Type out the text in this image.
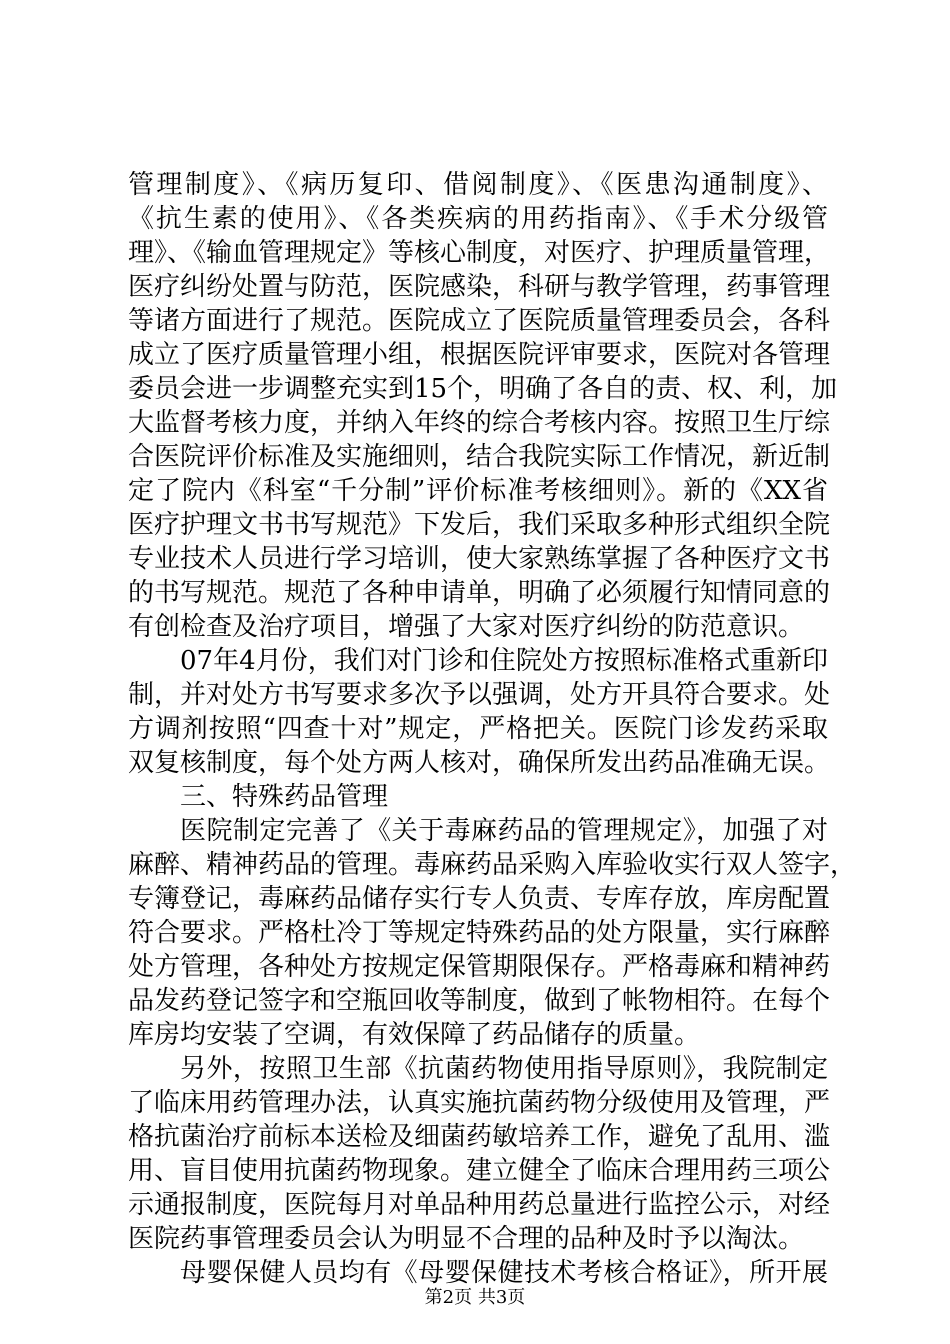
管理制度》、《病历复印、借阅制度》、《医患沟通制度》、
《抗生素的使用》、《各类疾病的用药指南》、《手术分级管
理》、《输血管理规定》等核心制度，对医疗、护理质量管理，
医疗纠纷处置与防范，医院感染，科研与教学管理，药事管理
等诸方面进行了规范。医院成立了医院质量管理委员会，各科
成立了医疗质量管理小组，根据医院评审要求，医院对各管理
委员会进一步调整充实到15个，明确了各自的责、权、利，加
大监督考核力度，并纳入年终的综合考核内容。按照卫生厅综
合医院评价标准及实施细则，结合我院实际工作情况，新近制
定了院内《科室“千分制”评价标准考核细则》。新的《XX省
医疗护理文书书写规范》下发后，我们采取多种形式组织全院
专业技术人员进行学习培训，使大家熟练掌握了各种医疗文书
的书写规范。规范了各种申请单，明确了必须履行知情同意的
有创检查及治疗项目，增强了大家对医疗纠纷的防范意识。
07年4月份，我们对门诊和住院处方按照标准格式重新印
制，并对处方书写要求多次予以强调，处方开具符合要求。处
方调剂按照“四查十对”规定，严格把关。医院门诊发药采取
双复核制度，每个处方两人核对，确保所发出药品准确无误。
三、特殊药品管理
医院制定完善了《关于毒麻药品的管理规定》，加强了对
麻醉、精神药品的管理。毒麻药品采购入库验收实行双人签字，
专簿登记，毒麻药品储存实行专人负责、专库存放，库房配置
符合要求。严格杜冷丁等规定特殊药品的处方限量，实行麻醉
处方管理，各种处方按规定保管期限保存。严格毒麻和精神药
品发药登记签字和空瓶回收等制度，做到了帐物相符。在每个
库房均安装了空调，有效保障了药品储存的质量。
另外，按照卫生部《抗菌药物使用指导原则》，我院制定
了临床用药管理办法，认真实施抗菌药物分级使用及管理，严
格抗菌治疗前标本送检及细菌药敏培养工作，避免了乱用、滥
用、盲目使用抗菌药物现象。建立健全了临床合理用药三项公
示通报制度，医院每月对单品种用药总量进行监控公示，对经
医院药事管理委员会认为明显不合理的品种及时予以淘汰。
母婴保健人员均有《母婴保健技术考核合格证》，所开展
第2页 共3页
